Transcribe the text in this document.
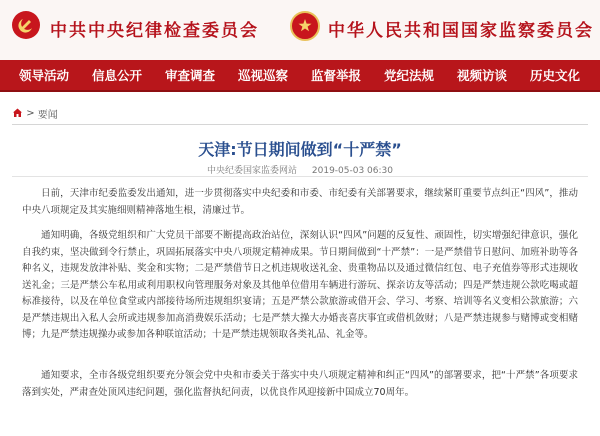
中共中央纪律检查委员会	中华人民共和国国家监察委员会
领导活动 信息公开 审查调查 巡视巡察 监督举报 党纪法规 视频访谈 历史文化
> 要闻
天津:节日期间做到“十严禁”
中央纪委国家监委网站 2019-05-03 06:30

日前，天津市纪委监委发出通知，进一步贯彻落实中央纪委和市委、市纪委有关部署要求，继续紧盯重要节点纠正“四风”，推动中央八项规定及其实施细则精神落地生根，清廉过节。

通知明确，各级党组织和广大党员干部要不断提高政治站位，深刻认识“四风”问题的反复性、顽固性，切实增强纪律意识，强化自我约束，坚决做到令行禁止，巩固拓展落实中央八项规定精神成果。节日期间做到“十严禁”：一是严禁借节日慰问、加班补助等各种名义，违规发放津补贴、奖金和实物；二是严禁借节日之机违规收送礼金、贵重物品以及通过微信红包、电子充值券等形式违规收送礼金；三是严禁公车私用或利用职权向管理服务对象及其他单位借用车辆进行游玩、探亲访友等活动；四是严禁违规公款吃喝或超标准接待，以及在单位食堂或内部接待场所违规组织宴请；五是严禁公款旅游或借开会、学习、考察、培训等名义变相公款旅游；六是严禁违规出入私人会所或违规参加高消费娱乐活动；七是严禁大操大办婚丧喜庆事宜或借机敛财；八是严禁违规参与赌博或变相赌博；九是严禁违规操办或参加各种联谊活动；十是严禁违规领取各类礼品、礼金等。

通知要求，全市各级党组织要充分领会党中央和市委关于落实中央八项规定精神和纠正“四风”的部署要求，把“十严禁”各项要求落到实处，严肃查处顶风违纪问题，强化监督执纪问责，以优良作风迎接新中国成立70周年。
